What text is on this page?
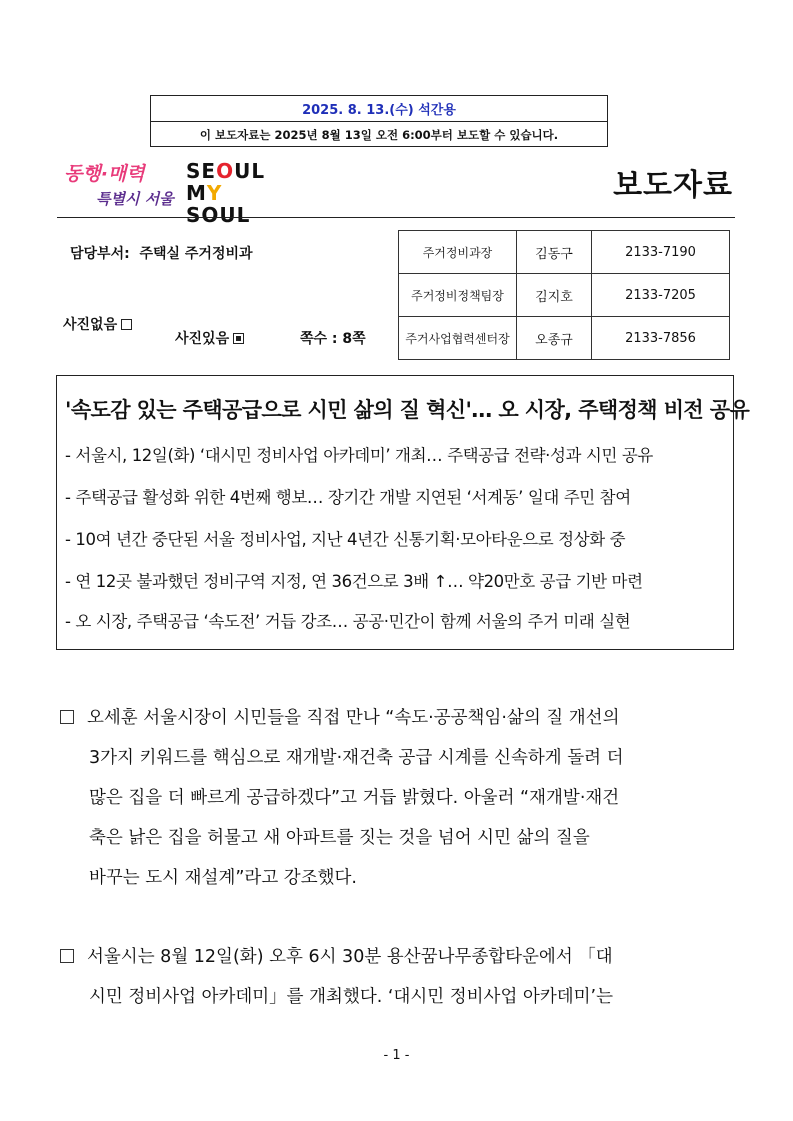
2025. 8. 13.(수) 석간용
이 보도자료는 2025년 8월 13일 오전 6:00부터 보도할 수 있습니다.
동행·매력
특별시 서울
SEOUL
MY SOUL
보도자료
담당부서: 주택실 주거정비과
사진없음
사진있음	쪽수 : 8쪽
주거정비과장	김동구	2133-7190
주거정비정책팀장	김지호	2133-7205
주거사업협력센터장	오종규	2133-7856
'속도감 있는 주택공급으로 시민 삶의 질 혁신'… 오 시장, 주택정책 비전 공유
- 서울시, 12일(화) ‘대시민 정비사업 아카데미’ 개최… 주택공급 전략·성과 시민 공유
- 주택공급 활성화 위한 4번째 행보… 장기간 개발 지연된 ‘서계동’ 일대 주민 참여
- 10여 년간 중단된 서울 정비사업, 지난 4년간 신통기획·모아타운으로 정상화 중
- 연 12곳 불과했던 정비구역 지정, 연 36건으로 3배 ↑… 약20만호 공급 기반 마련
- 오 시장, 주택공급 ‘속도전’ 거듭 강조… 공공·민간이 함께 서울의 주거 미래 실현
오세훈 서울시장이 시민들을 직접 만나 “속도·공공책임·삶의 질 개선의
3가지 키워드를 핵심으로 재개발·재건축 공급 시계를 신속하게 돌려 더
많은 집을 더 빠르게 공급하겠다”고 거듭 밝혔다. 아울러 “재개발·재건
축은 낡은 집을 허물고 새 아파트를 짓는 것을 넘어 시민 삶의 질을
바꾸는 도시 재설계”라고 강조했다.
서울시는 8월 12일(화) 오후 6시 30분 용산꿈나무종합타운에서 「대
시민 정비사업 아카데미」를 개최했다. ‘대시민 정비사업 아카데미’는
- 1 -
